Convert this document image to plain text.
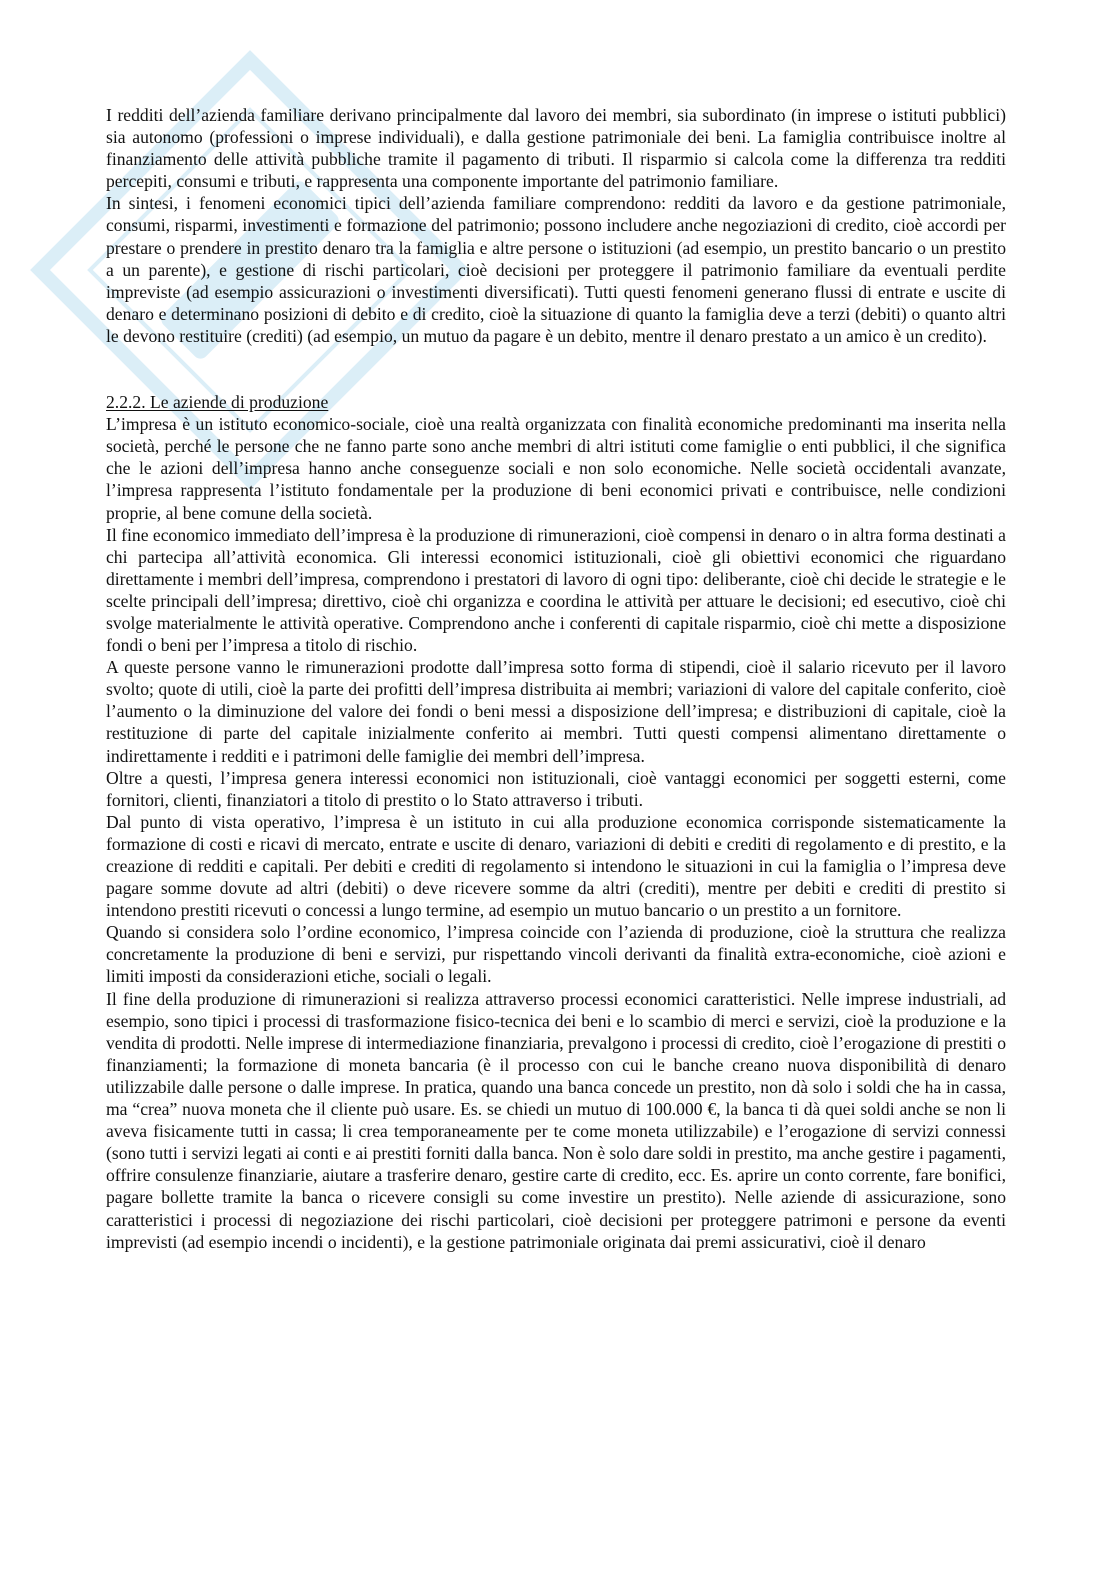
I redditi dell’azienda familiare derivano principalmente dal lavoro dei membri, sia subordinato (in imprese o istituti pubblici) sia autonomo (professioni o imprese individuali), e dalla gestione patrimoniale dei beni. La famiglia contribuisce inoltre al finanziamento delle attività pubbliche tramite il pagamento di tributi. Il risparmio si calcola come la differenza tra redditi percepiti, consumi e tributi, e rappresenta una componente importante del patrimonio familiare.

In sintesi, i fenomeni economici tipici dell’azienda familiare comprendono: redditi da lavoro e da gestione patrimoniale, consumi, risparmi, investimenti e formazione del patrimonio; possono includere anche negoziazioni di credito, cioè accordi per prestare o prendere in prestito denaro tra la famiglia e altre persone o istituzioni (ad esempio, un prestito bancario o un prestito a un parente), e gestione di rischi particolari, cioè decisioni per proteggere il patrimonio familiare da eventuali perdite impreviste (ad esempio assicurazioni o investimenti diversificati). Tutti questi fenomeni generano flussi di entrate e uscite di denaro e determinano posizioni di debito e di credito, cioè la situazione di quanto la famiglia deve a terzi (debiti) o quanto altri le devono restituire (crediti) (ad esempio, un mutuo da pagare è un debito, mentre il denaro prestato a un amico è un credito).

2.2.2. Le aziende di produzione

L’impresa è un istituto economico-sociale, cioè una realtà organizzata con finalità economiche predominanti ma inserita nella società, perché le persone che ne fanno parte sono anche membri di altri istituti come famiglie o enti pubblici, il che significa che le azioni dell’impresa hanno anche conseguenze sociali e non solo economiche. Nelle società occidentali avanzate, l’impresa rappresenta l’istituto fondamentale per la produzione di beni economici privati e contribuisce, nelle condizioni proprie, al bene comune della società.

Il fine economico immediato dell’impresa è la produzione di rimunerazioni, cioè compensi in denaro o in altra forma destinati a chi partecipa all’attività economica. Gli interessi economici istituzionali, cioè gli obiettivi economici che riguardano direttamente i membri dell’impresa, comprendono i prestatori di lavoro di ogni tipo: deliberante, cioè chi decide le strategie e le scelte principali dell’impresa; direttivo, cioè chi organizza e coordina le attività per attuare le decisioni; ed esecutivo, cioè chi svolge materialmente le attività operative. Comprendono anche i conferenti di capitale risparmio, cioè chi mette a disposizione fondi o beni per l’impresa a titolo di rischio.

A queste persone vanno le rimunerazioni prodotte dall’impresa sotto forma di stipendi, cioè il salario ricevuto per il lavoro svolto; quote di utili, cioè la parte dei profitti dell’impresa distribuita ai membri; variazioni di valore del capitale conferito, cioè l’aumento o la diminuzione del valore dei fondi o beni messi a disposizione dell’impresa; e distribuzioni di capitale, cioè la restituzione di parte del capitale inizialmente conferito ai membri. Tutti questi compensi alimentano direttamente o indirettamente i redditi e i patrimoni delle famiglie dei membri dell’impresa.

Oltre a questi, l’impresa genera interessi economici non istituzionali, cioè vantaggi economici per soggetti esterni, come fornitori, clienti, finanziatori a titolo di prestito o lo Stato attraverso i tributi.

Dal punto di vista operativo, l’impresa è un istituto in cui alla produzione economica corrisponde sistematicamente la formazione di costi e ricavi di mercato, entrate e uscite di denaro, variazioni di debiti e crediti di regolamento e di prestito, e la creazione di redditi e capitali. Per debiti e crediti di regolamento si intendono le situazioni in cui la famiglia o l’impresa deve pagare somme dovute ad altri (debiti) o deve ricevere somme da altri (crediti), mentre per debiti e crediti di prestito si intendono prestiti ricevuti o concessi a lungo termine, ad esempio un mutuo bancario o un prestito a un fornitore.

Quando si considera solo l’ordine economico, l’impresa coincide con l’azienda di produzione, cioè la struttura che realizza concretamente la produzione di beni e servizi, pur rispettando vincoli derivanti da finalità extra-economiche, cioè azioni e limiti imposti da considerazioni etiche, sociali o legali.

Il fine della produzione di rimunerazioni si realizza attraverso processi economici caratteristici. Nelle imprese industriali, ad esempio, sono tipici i processi di trasformazione fisico-tecnica dei beni e lo scambio di merci e servizi, cioè la produzione e la vendita di prodotti. Nelle imprese di intermediazione finanziaria, prevalgono i processi di credito, cioè l’erogazione di prestiti o finanziamenti; la formazione di moneta bancaria (è il processo con cui le banche creano nuova disponibilità di denaro utilizzabile dalle persone o dalle imprese. In pratica, quando una banca concede un prestito, non dà solo i soldi che ha in cassa, ma “crea” nuova moneta che il cliente può usare. Es. se chiedi un mutuo di 100.000 €, la banca ti dà quei soldi anche se non li aveva fisicamente tutti in cassa; li crea temporaneamente per te come moneta utilizzabile) e l’erogazione di servizi connessi (sono tutti i servizi legati ai conti e ai prestiti forniti dalla banca. Non è solo dare soldi in prestito, ma anche gestire i pagamenti, offrire consulenze finanziarie, aiutare a trasferire denaro, gestire carte di credito, ecc. Es. aprire un conto corrente, fare bonifici, pagare bollette tramite la banca o ricevere consigli su come investire un prestito). Nelle aziende di assicurazione, sono caratteristici i processi di negoziazione dei rischi particolari, cioè decisioni per proteggere patrimoni e persone da eventi imprevisti (ad esempio incendi o incidenti), e la gestione patrimoniale originata dai premi assicurativi, cioè il denaro
